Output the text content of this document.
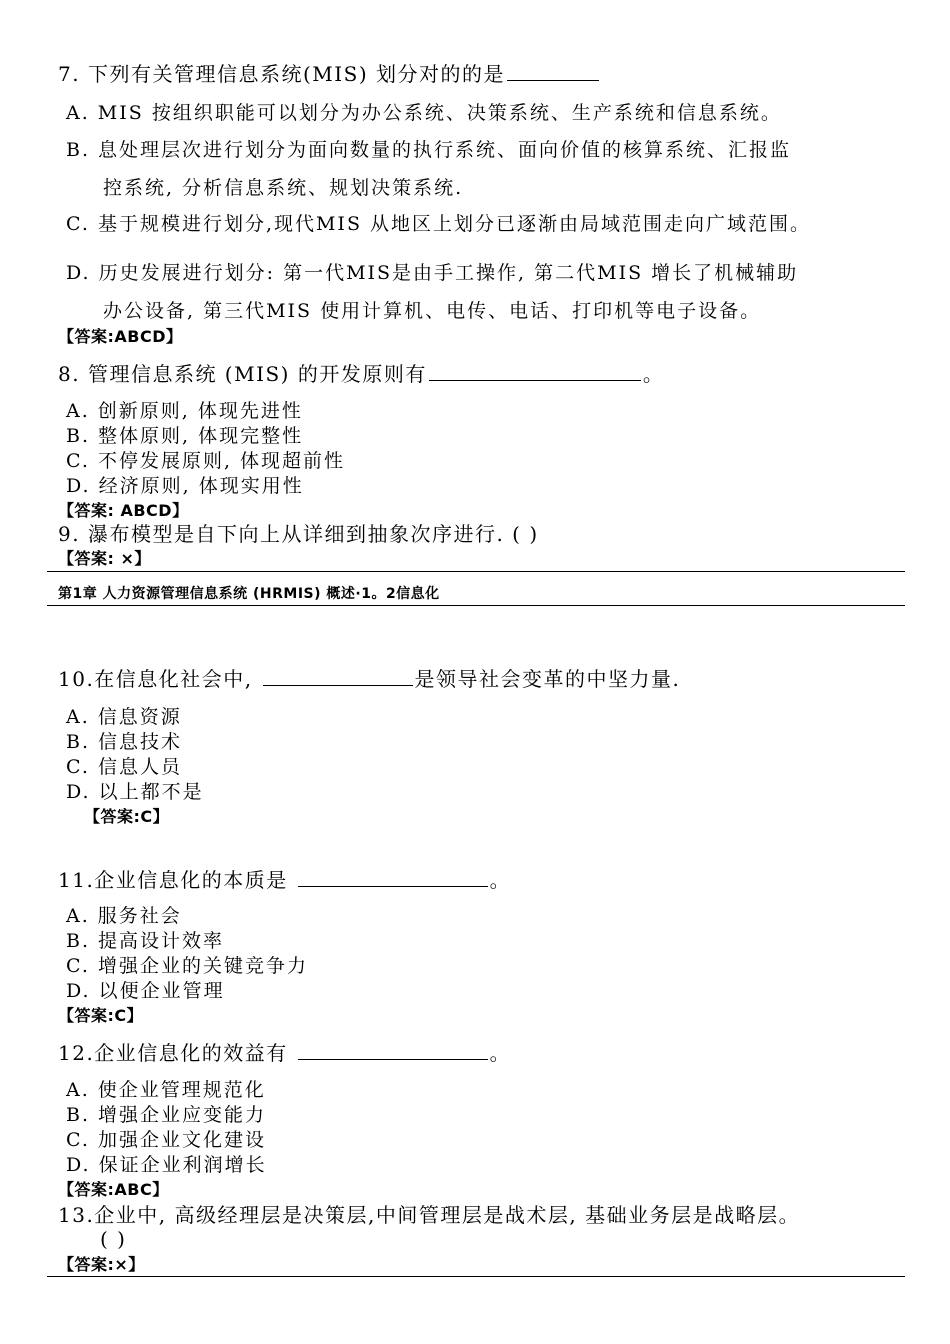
7. 下列有关管理信息系统(MIS) 划分对的的是
A. MIS 按组织职能可以划分为办公系统、决策系统、生产系统和信息系统。
B. 息处理层次进行划分为面向数量的执行系统、面向价值的核算系统、汇报监
控系统, 分析信息系统、规划决策系统.
C. 基于规模进行划分,现代MIS 从地区上划分已逐渐由局域范围走向广域范围。
D. 历史发展进行划分: 第一代MIS是由手工操作, 第二代MIS 增长了机械辅助
办公设备, 第三代MIS 使用计算机、电传、电话、打印机等电子设备。
【答案:ABCD】
8. 管理信息系统 (MIS) 的开发原则有	。
A. 创新原则, 体现先进性
B. 整体原则, 体现完整性
C. 不停发展原则, 体现超前性
D. 经济原则, 体现实用性
【答案: ABCD】
9. 瀑布模型是自下向上从详细到抽象次序进行. ( )
【答案: ×】
第1章 人力资源管理信息系统 (HRMIS) 概述·1。2信息化
10.在信息化社会中,	是领导社会变革的中坚力量.
A. 信息资源
B. 信息技术
C. 信息人员
D. 以上都不是
【答案:C】
11.企业信息化的本质是	。
A. 服务社会
B. 提高设计效率
C. 增强企业的关键竞争力
D. 以便企业管理
【答案:C】
12.企业信息化的效益有	。
A. 使企业管理规范化
B. 增强企业应变能力
C. 加强企业文化建设
D. 保证企业利润增长
【答案:ABC】
13.企业中, 高级经理层是决策层,中间管理层是战术层, 基础业务层是战略层。
( )
【答案:×】
